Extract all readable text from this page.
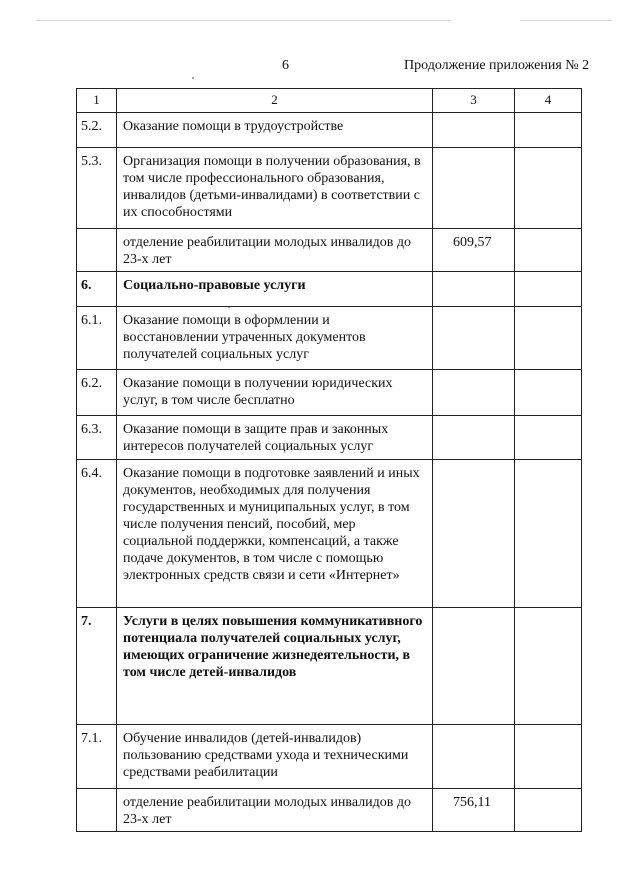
6	Продолжение приложения № 2
1	2	3	4
5.2.	Оказание помощи в трудоустройстве		
5.3.	Организация помощи в получении образования, в том числе профессионального образования, инвалидов (детьми-инвалидами) в соответствии с их способностями		
	отделение реабилитации молодых инвалидов до 23-х лет	609,57	
6.	Социально-правовые услуги		
6.1.	Оказание помощи в оформлении и восстановлении утраченных документов получателей социальных услуг		
6.2.	Оказание помощи в получении юридических услуг, в том числе бесплатно		
6.3.	Оказание помощи в защите прав и законных интересов получателей социальных услуг		
6.4.	Оказание помощи в подготовке заявлений и иных документов, необходимых для получения государственных и муниципальных услуг, в том числе получения пенсий, пособий, мер социальной поддержки, компенсаций, а также подаче документов, в том числе с помощью электронных средств связи и сети «Интернет»		
7.	Услуги в целях повышения коммуникативного потенциала получателей социальных услуг, имеющих ограничение жизнедеятельности, в том числе детей-инвалидов		
7.1.	Обучение инвалидов (детей-инвалидов) пользованию средствами ухода и техническими средствами реабилитации		
	отделение реабилитации молодых инвалидов до 23-х лет	756,11	
